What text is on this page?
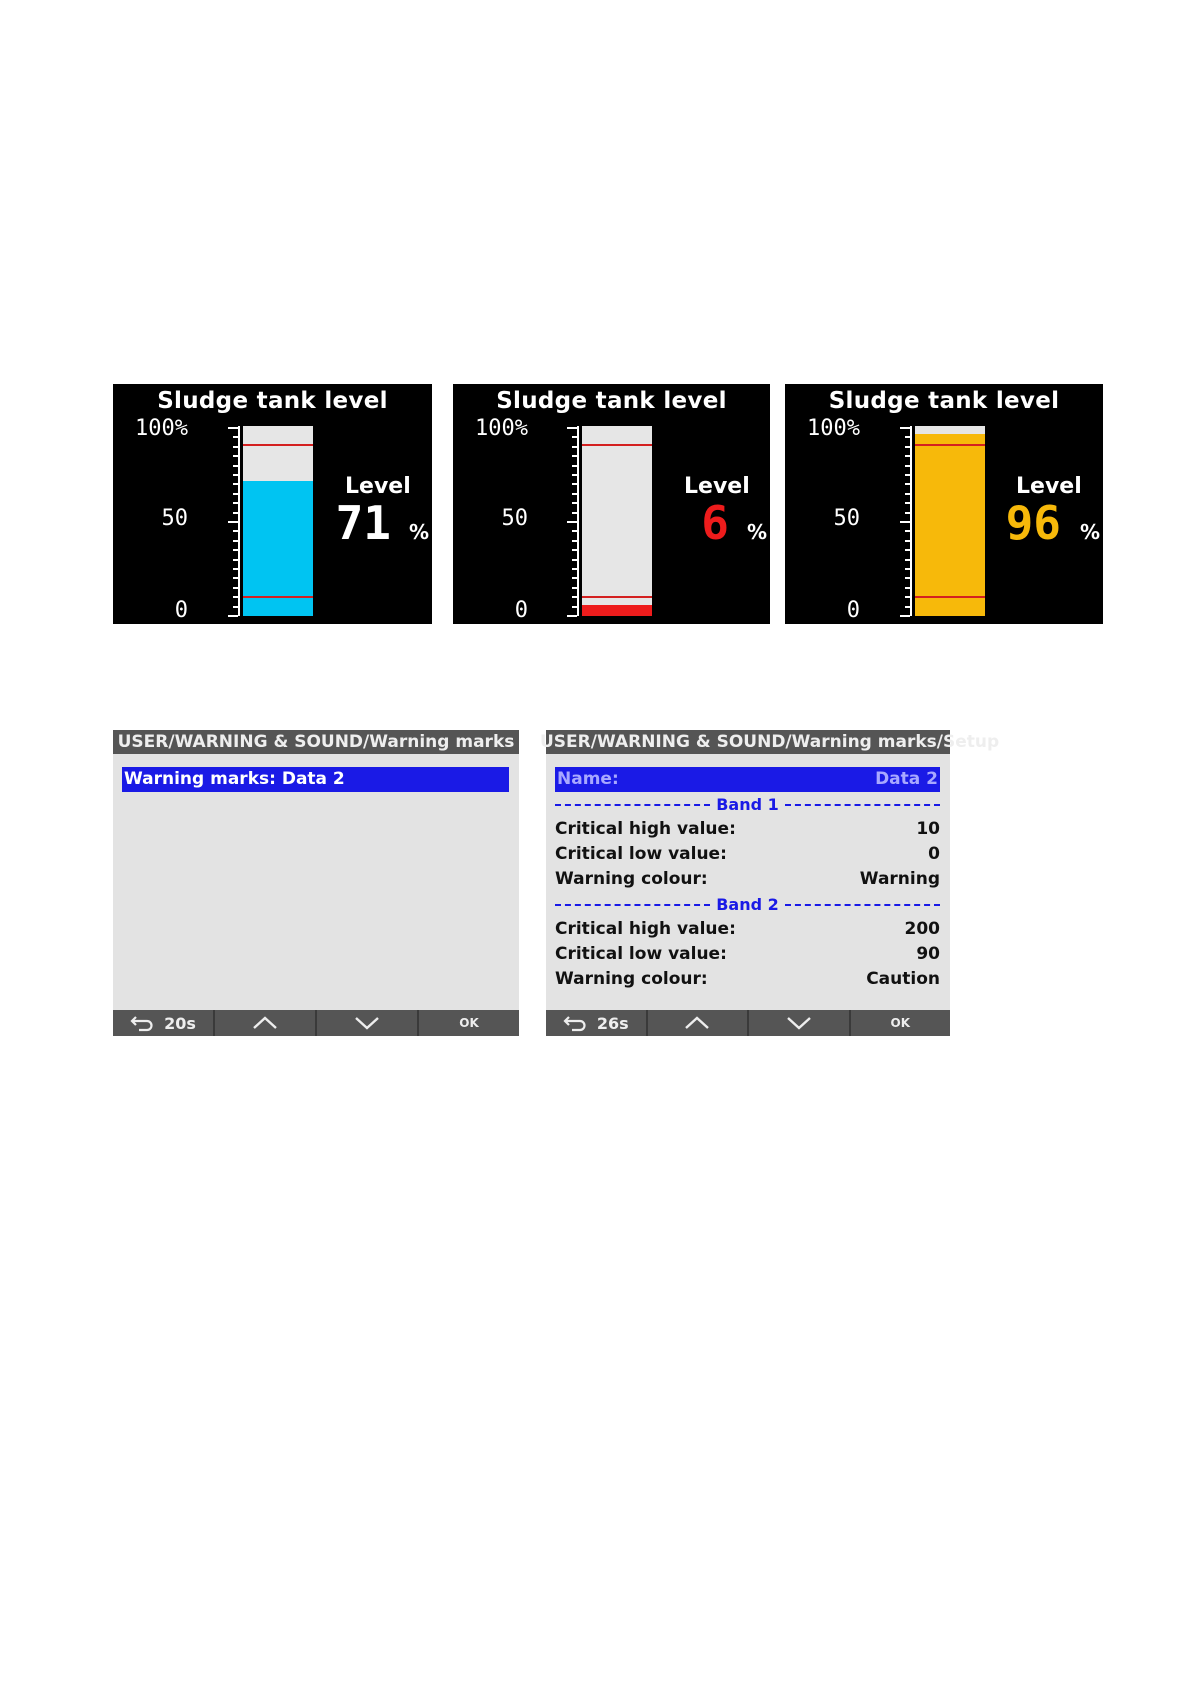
Sludge tank level
100%
50
0
Level
71 %
Sludge tank level
100%
50
0
Level
6 %
Sludge tank level
100%
50
0
Level
96 %
USER/WARNING & SOUND/Warning marks
Warning marks: Data 2
20s	OK
USER/WARNING & SOUND/Warning marks/Setup
Name:	Data 2
Band 1
Critical high value:	10
Critical low value:	0
Warning colour:	Warning
Band 2
Critical high value:	200
Critical low value:	90
Warning colour:	Caution
26s	OK
